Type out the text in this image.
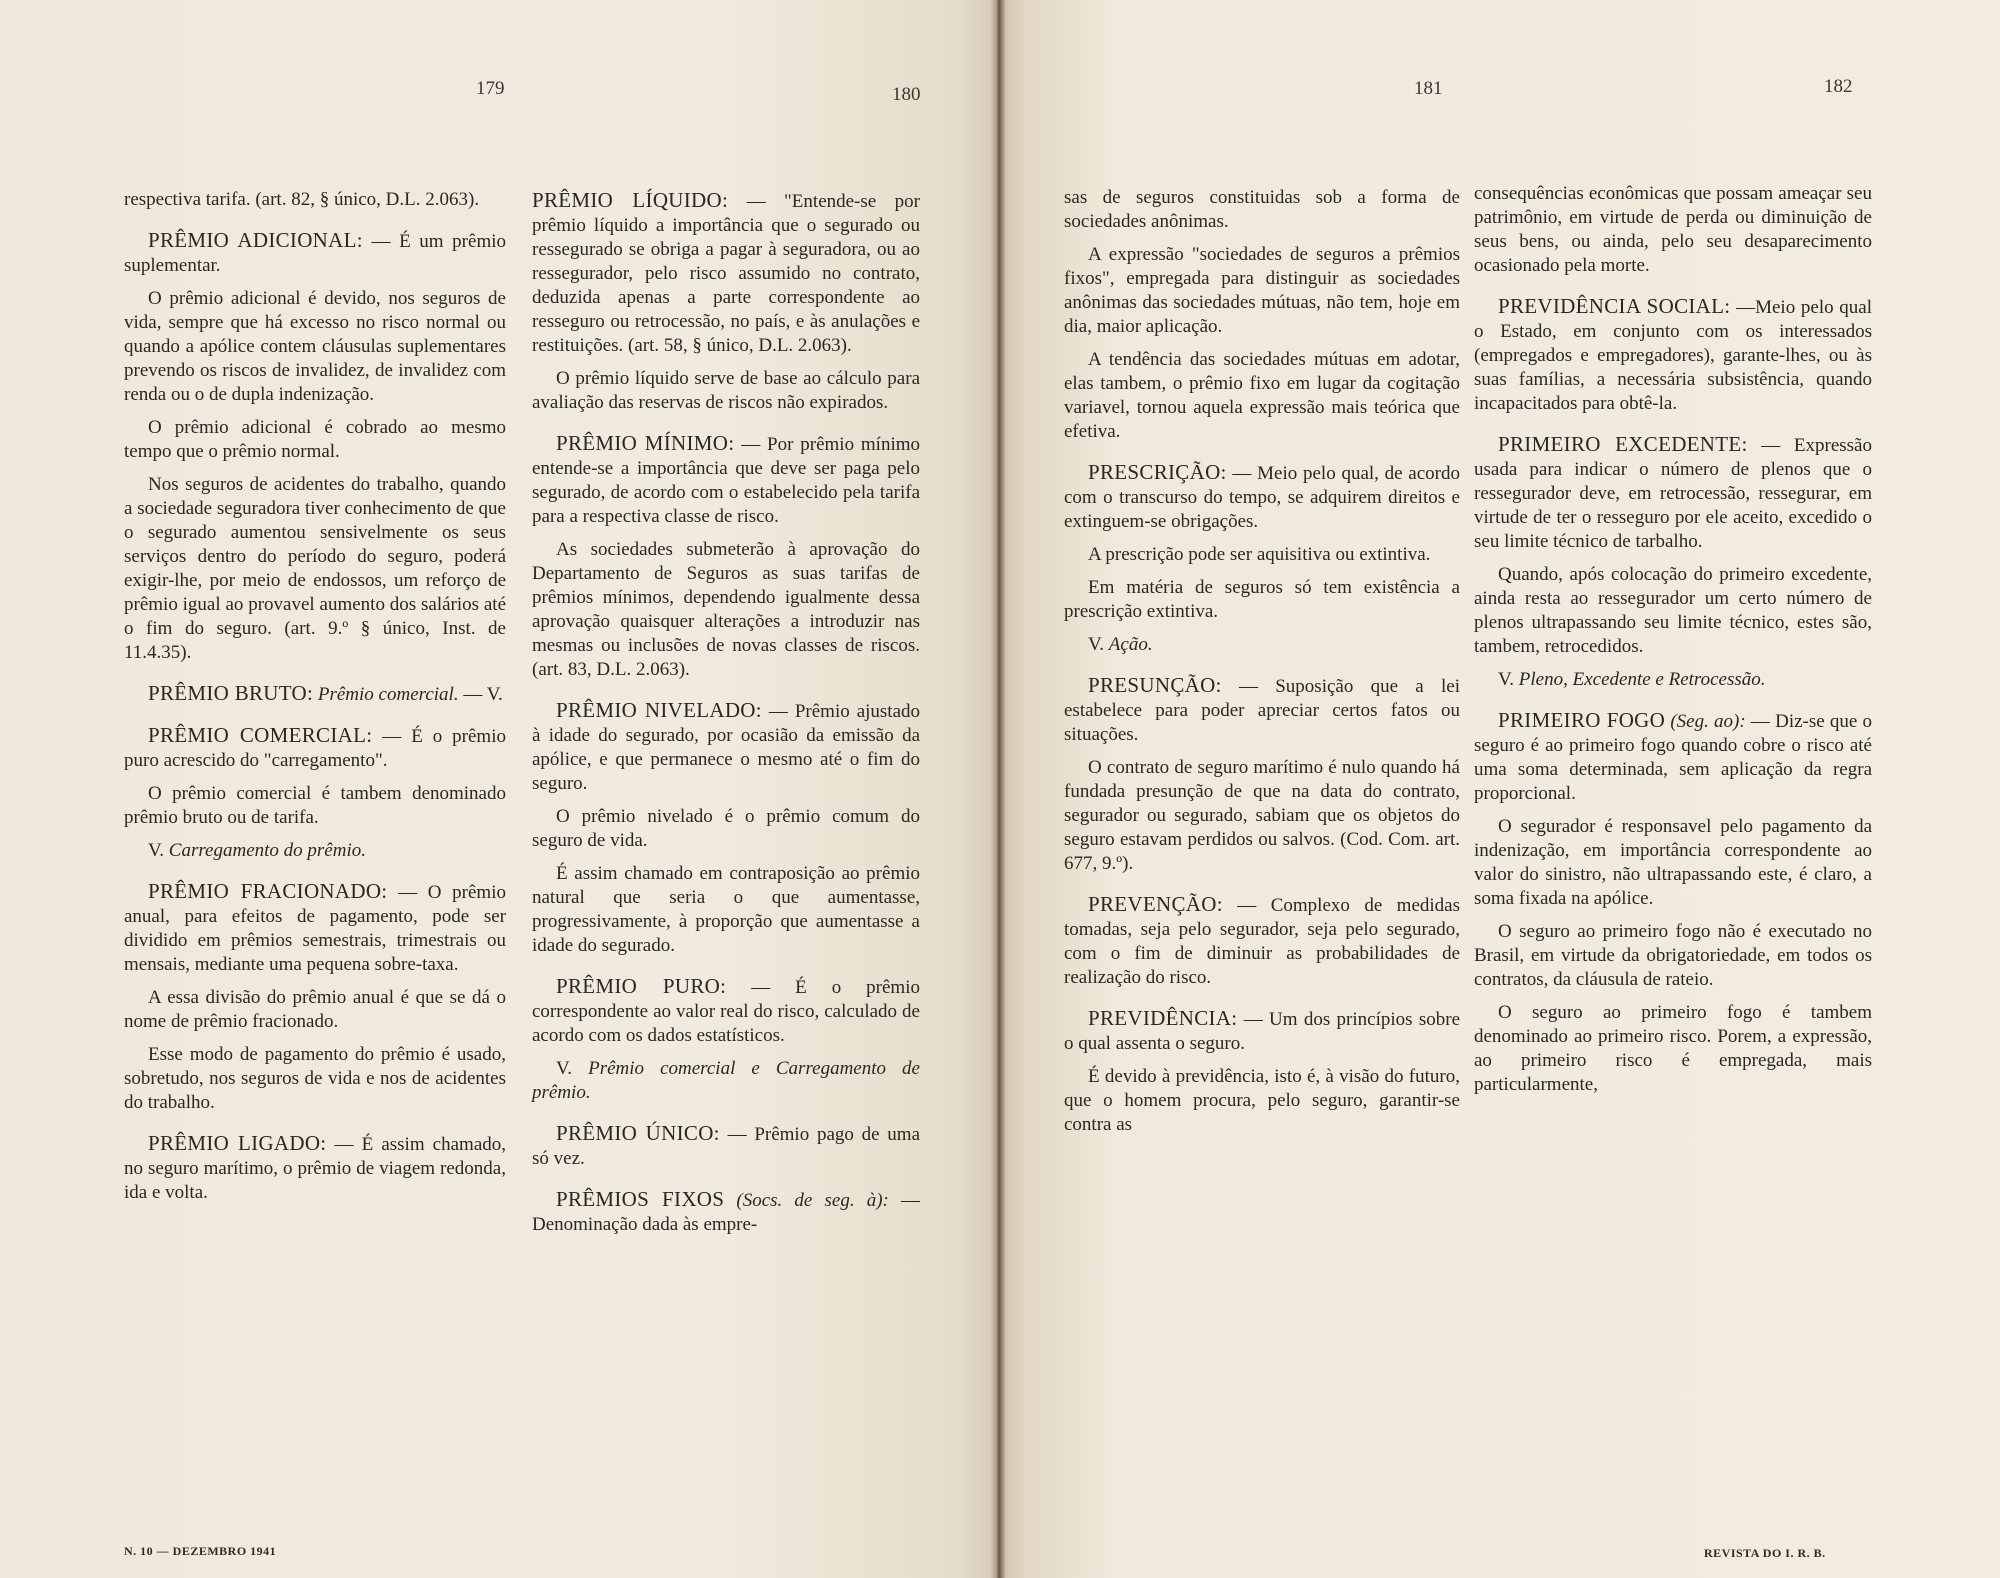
179	180	181	182

respectiva tarifa. (art. 82, § único, D.L. 2.063).

PRÊMIO ADICIONAL: — É um prêmio suplementar.

O prêmio adicional é devido, nos seguros de vida, sempre que há excesso no risco normal ou quando a apólice contem cláusulas suplementares prevendo os riscos de invalidez, de invalidez com renda ou o de dupla indenização.

O prêmio adicional é cobrado ao mesmo tempo que o prêmio normal.

Nos seguros de acidentes do trabalho, quando a sociedade seguradora tiver conhecimento de que o segurado aumentou sensivelmente os seus serviços dentro do período do seguro, poderá exigir-lhe, por meio de endossos, um reforço de prêmio igual ao provavel aumento dos salários até o fim do seguro. (art. 9.º § único, Inst. de 11.4.35).

PRÊMIO BRUTO: Prêmio comercial. — V.

PRÊMIO COMERCIAL: — É o prêmio puro acrescido do "carregamento".

O prêmio comercial é tambem denominado prêmio bruto ou de tarifa.

V. Carregamento do prêmio.

PRÊMIO FRACIONADO: — O prêmio anual, para efeitos de pagamento, pode ser dividido em prêmios semestrais, trimestrais ou mensais, mediante uma pequena sobre-taxa.

A essa divisão do prêmio anual é que se dá o nome de prêmio fracionado.

Esse modo de pagamento do prêmio é usado, sobretudo, nos seguros de vida e nos de acidentes do trabalho.

PRÊMIO LIGADO: — É assim chamado, no seguro marítimo, o prêmio de viagem redonda, ida e volta.

PRÊMIO LÍQUIDO: — "Entende-se por prêmio líquido a importância que o segurado ou ressegurado se obriga a pagar à seguradora, ou ao ressegurador, pelo risco assumido no contrato, deduzida apenas a parte correspondente ao resseguro ou retrocessão, no país, e às anulações e restituições. (art. 58, § único, D.L. 2.063).

O prêmio líquido serve de base ao cálculo para avaliação das reservas de riscos não expirados.

PRÊMIO MÍNIMO: — Por prêmio mínimo entende-se a importância que deve ser paga pelo segurado, de acordo com o estabelecido pela tarifa para a respectiva classe de risco.

As sociedades submeterão à aprovação do Departamento de Seguros as suas tarifas de prêmios mínimos, dependendo igualmente dessa aprovação quaisquer alterações a introduzir nas mesmas ou inclusões de novas classes de riscos. (art. 83, D.L. 2.063).

PRÊMIO NIVELADO: — Prêmio ajustado à idade do segurado, por ocasião da emissão da apólice, e que permanece o mesmo até o fim do seguro.

O prêmio nivelado é o prêmio comum do seguro de vida.

É assim chamado em contraposição ao prêmio natural que seria o que aumentasse, progressivamente, à proporção que aumentasse a idade do segurado.

PRÊMIO PURO: — É o prêmio correspondente ao valor real do risco, calculado de acordo com os dados estatísticos.

V. Prêmio comercial e Carregamento de prêmio.

PRÊMIO ÚNICO: — Prêmio pago de uma só vez.

PRÊMIOS FIXOS (Socs. de seg. à): — Denominação dada às empre-

sas de seguros constituidas sob a forma de sociedades anônimas.

A expressão "sociedades de seguros a prêmios fixos", empregada para distinguir as sociedades anônimas das sociedades mútuas, não tem, hoje em dia, maior aplicação.

A tendência das sociedades mútuas em adotar, elas tambem, o prêmio fixo em lugar da cogitação variavel, tornou aquela expressão mais teórica que efetiva.

PRESCRIÇÃO: — Meio pelo qual, de acordo com o transcurso do tempo, se adquirem direitos e extinguem-se obrigações.

A prescrição pode ser aquisitiva ou extintiva.

Em matéria de seguros só tem existência a prescrição extintiva.

V. Ação.

PRESUNÇÃO: — Suposição que a lei estabelece para poder apreciar certos fatos ou situações.

O contrato de seguro marítimo é nulo quando há fundada presunção de que na data do contrato, segurador ou segurado, sabiam que os objetos do seguro estavam perdidos ou salvos. (Cod. Com. art. 677, 9.º).

PREVENÇÃO: — Complexo de medidas tomadas, seja pelo segurador, seja pelo segurado, com o fim de diminuir as probabilidades de realização do risco.

PREVIDÊNCIA: — Um dos princípios sobre o qual assenta o seguro.

É devido à previdência, isto é, à visão do futuro, que o homem procura, pelo seguro, garantir-se contra as

consequências econômicas que possam ameaçar seu patrimônio, em virtude de perda ou diminuição de seus bens, ou ainda, pelo seu desaparecimento ocasionado pela morte.

PREVIDÊNCIA SOCIAL: —Meio pelo qual o Estado, em conjunto com os interessados (empregados e empregadores), garante-lhes, ou às suas famílias, a necessária subsistência, quando incapacitados para obtê-la.

PRIMEIRO EXCEDENTE: — Expressão usada para indicar o número de plenos que o ressegurador deve, em retrocessão, ressegurar, em virtude de ter o resseguro por ele aceito, excedido o seu limite técnico de tarbalho.

Quando, após colocação do primeiro excedente, ainda resta ao ressegurador um certo número de plenos ultrapassando seu limite técnico, estes são, tambem, retrocedidos.

V. Pleno, Excedente e Retrocessão.

PRIMEIRO FOGO (Seg. ao): — Diz-se que o seguro é ao primeiro fogo quando cobre o risco até uma soma determinada, sem aplicação da regra proporcional.

O segurador é responsavel pelo pagamento da indenização, em importância correspondente ao valor do sinistro, não ultrapassando este, é claro, a soma fixada na apólice.

O seguro ao primeiro fogo não é executado no Brasil, em virtude da obrigatoriedade, em todos os contratos, da cláusula de rateio.

O seguro ao primeiro fogo é tambem denominado ao primeiro risco. Porem, a expressão, ao primeiro risco é empregada, mais particularmente,

N. 10 — DEZEMBRO 1941	REVISTA DO I. R. B.
